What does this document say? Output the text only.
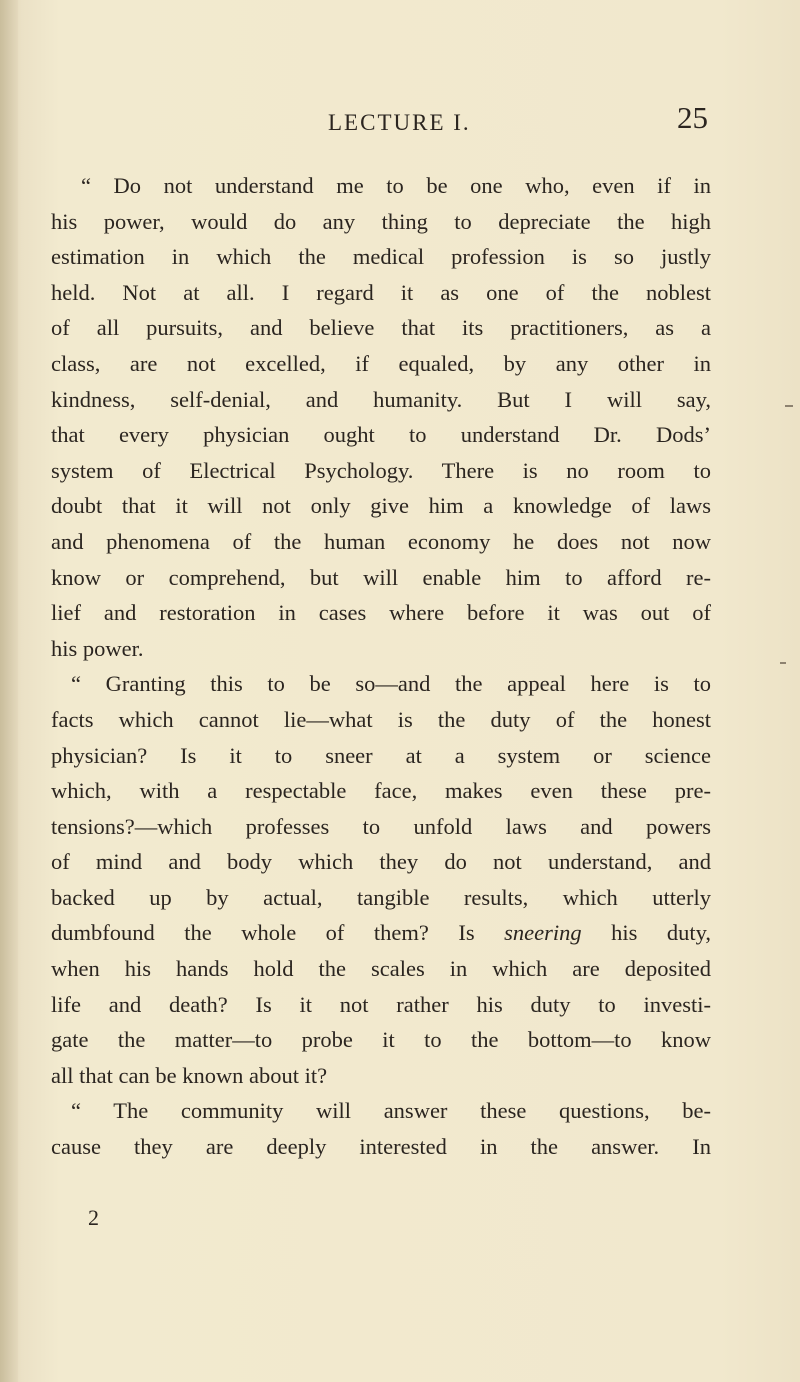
LECTURE I.	25
“ Do not understand me to be one who, even if in
his power, would do any thing to depreciate the high
estimation in which the medical profession is so justly
held. Not at all. I regard it as one of the noblest
of all pursuits, and believe that its practitioners, as a
class, are not excelled, if equaled, by any other in
kindness, self-denial, and humanity. But I will say,
that every physician ought to understand Dr. Dods’
system of Electrical Psychology. There is no room to
doubt that it will not only give him a knowledge of laws
and phenomena of the human economy he does not now
know or comprehend, but will enable him to afford re-
lief and restoration in cases where before it was out of
his power.
“ Granting this to be so—and the appeal here is to
facts which cannot lie—what is the duty of the honest
physician? Is it to sneer at a system or science
which, with a respectable face, makes even these pre-
tensions?—which professes to unfold laws and powers
of mind and body which they do not understand, and
backed up by actual, tangible results, which utterly
dumbfound the whole of them? Is sneering his duty,
when his hands hold the scales in which are deposited
life and death? Is it not rather his duty to investi-
gate the matter—to probe it to the bottom—to know
all that can be known about it?
“ The community will answer these questions, be-
cause they are deeply interested in the answer. In
2
